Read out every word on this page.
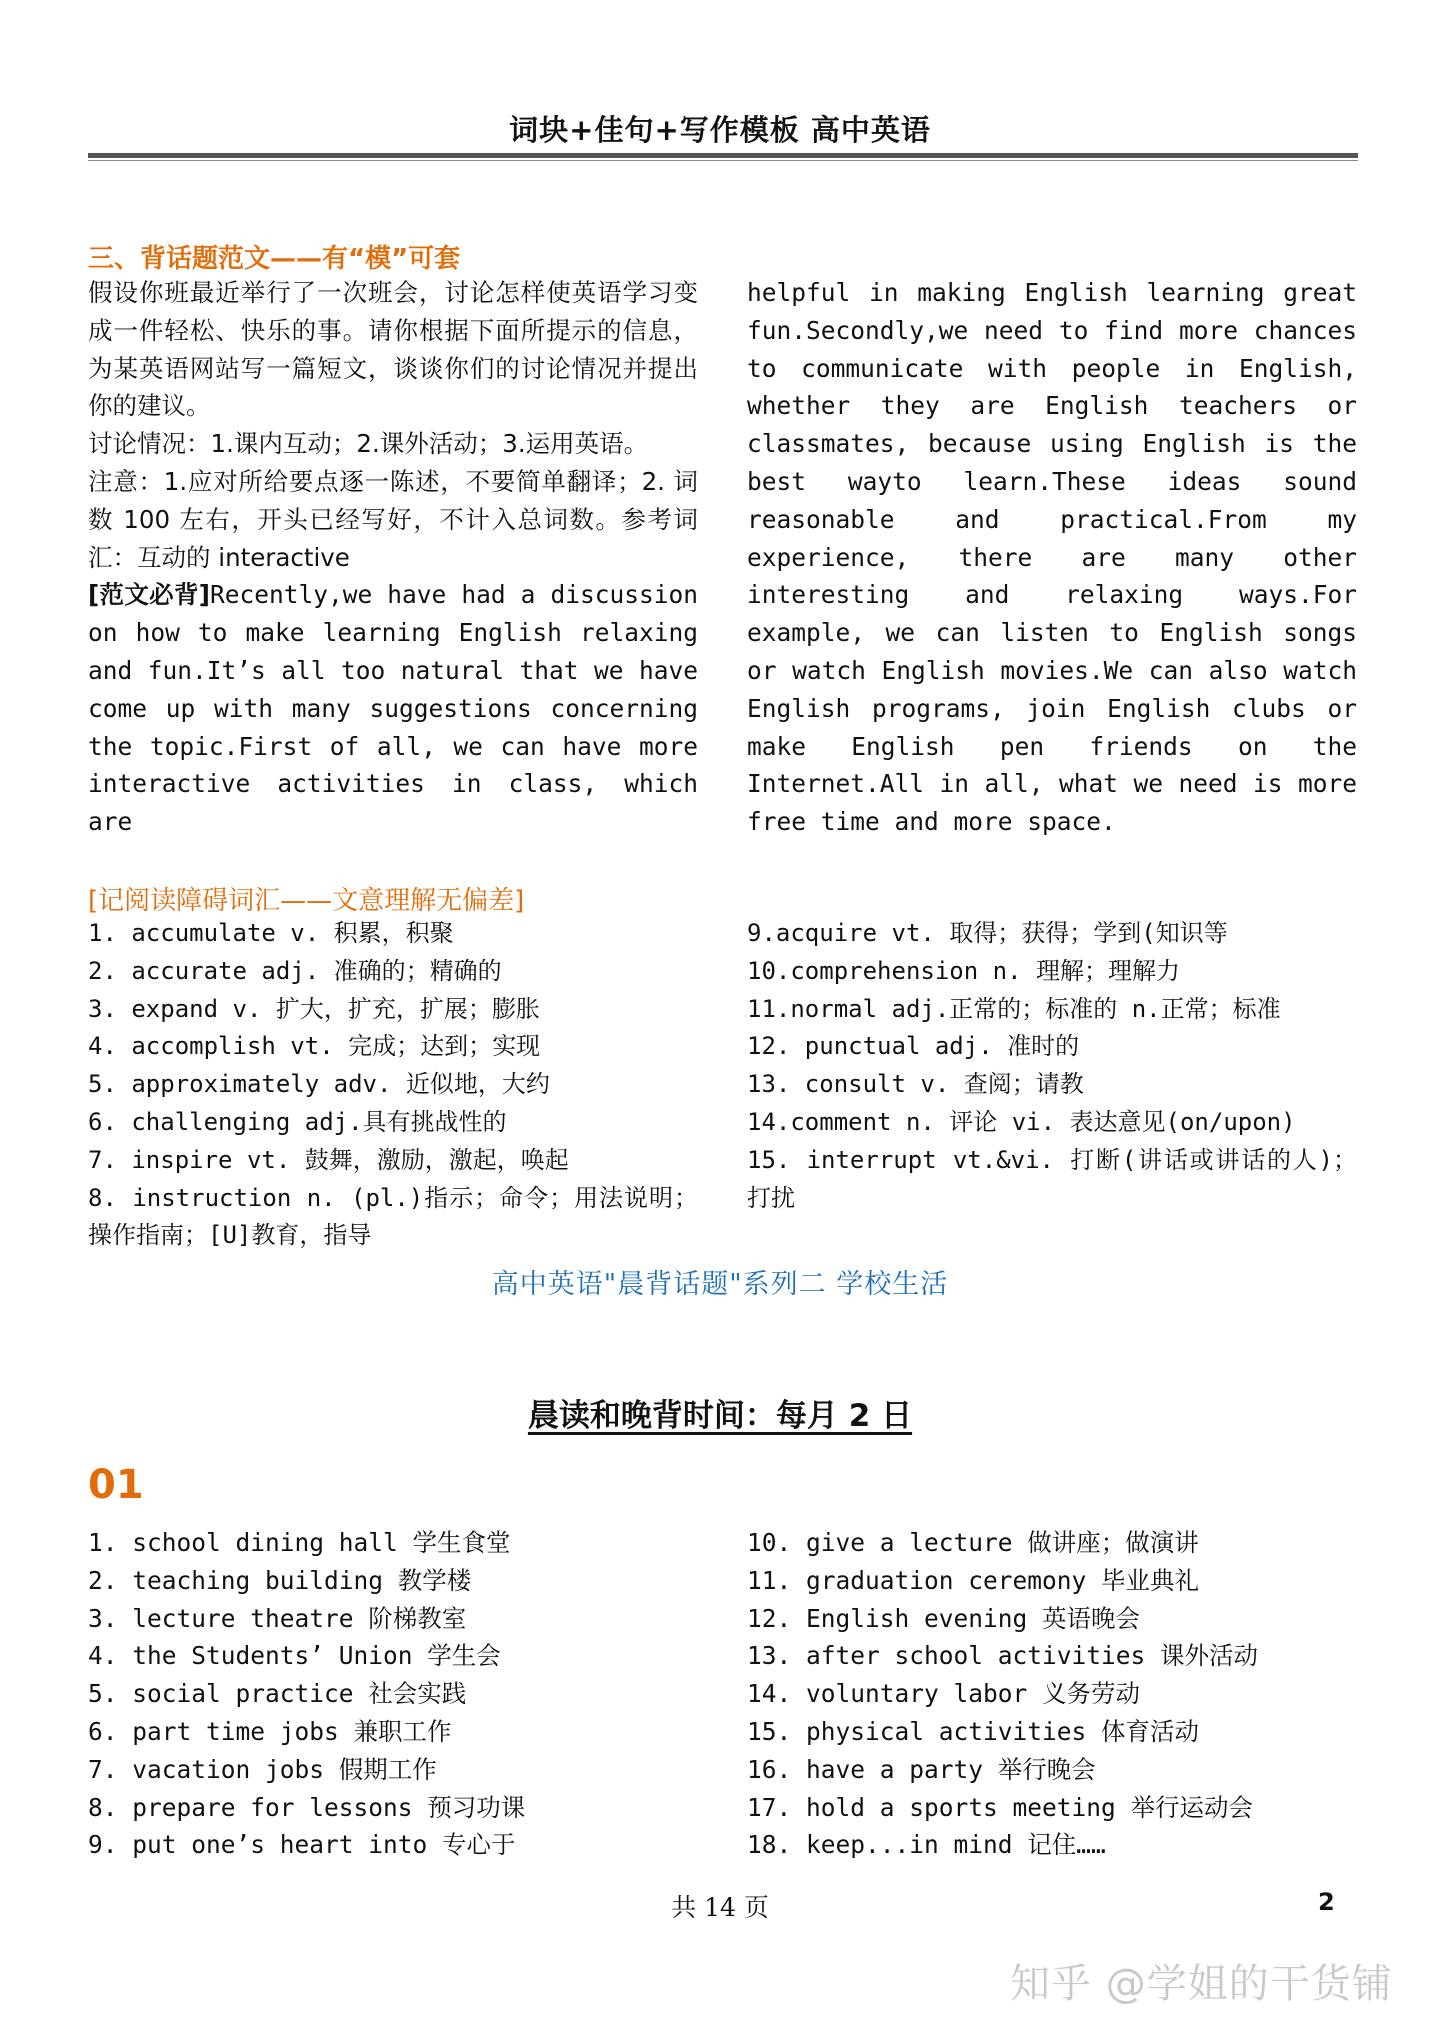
词块+佳句+写作模板 高中英语
三、背话题范文——有“模”可套

假设你班最近举行了一次班会，讨论怎样使英语学习变成一件轻松、快乐的事。请你根据下面所提示的信息，为某英语网站写一篇短文，谈谈你们的讨论情况并提出你的建议。

讨论情况：1.课内互动；2.课外活动；3.运用英语。

注意：1.应对所给要点逐一陈述，不要简单翻译；2. 词数 100 左右，开头已经写好，不计入总词数。参考词汇：互动的 interactive

[范文必背]Recently,we have had a discussion on how to make learning English relaxing and fun.It’s all too natural that we have come up with many suggestions concerning the topic.First of all, we can have more interactive activities in class, which are

helpful in making English learning great fun.Secondly,we need to find more chances to communicate with people in English, whether they are English teachers or classmates, because using English is the best wayto learn.These ideas sound reasonable and practical.From my experience, there are many other interesting and relaxing ways.For example, we can listen to English songs or watch English movies.We can also watch English programs, join English clubs or make English pen friends on the Internet.All in all, what we need is more free time and more space.

[记阅读障碍词汇——文意理解无偏差]
1. accumulate v. 积累，积聚
2. accurate adj. 准确的；精确的
3. expand v. 扩大，扩充，扩展；膨胀
4. accomplish vt. 完成；达到；实现
5. approximately adv. 近似地，大约
6. challenging adj.具有挑战性的
7. inspire vt. 鼓舞，激励，激起，唤起
8. instruction n. (pl.)指示；命令；用法说明；操作指南；[U]教育，指导
9.acquire vt. 取得；获得；学到(知识等
10.comprehension n. 理解；理解力
11.normal adj.正常的；标准的 n.正常；标准
12. punctual adj. 准时的
13. consult v. 查阅；请教
14.comment n. 评论 vi. 表达意见(on/upon)
15. interrupt vt.&vi. 打断(讲话或讲话的人)；打扰
高中英语"晨背话题"系列二 学校生活
晨读和晚背时间：每月 2 日
01
1. school dining hall 学生食堂
2. teaching building 教学楼
3. lecture theatre 阶梯教室
4. the Students’ Union 学生会
5. social practice 社会实践
6. part time jobs 兼职工作
7. vacation jobs 假期工作
8. prepare for lessons 预习功课
9. put one’s heart into 专心于
10. give a lecture 做讲座；做演讲
11. graduation ceremony 毕业典礼
12. English evening 英语晚会
13. after school activities 课外活动
14. voluntary labor 义务劳动
15. physical activities 体育活动
16. have a party 举行晚会
17. hold a sports meeting 举行运动会
18. keep...in mind 记住……
共 14 页	2
知乎 @学姐的干货铺
